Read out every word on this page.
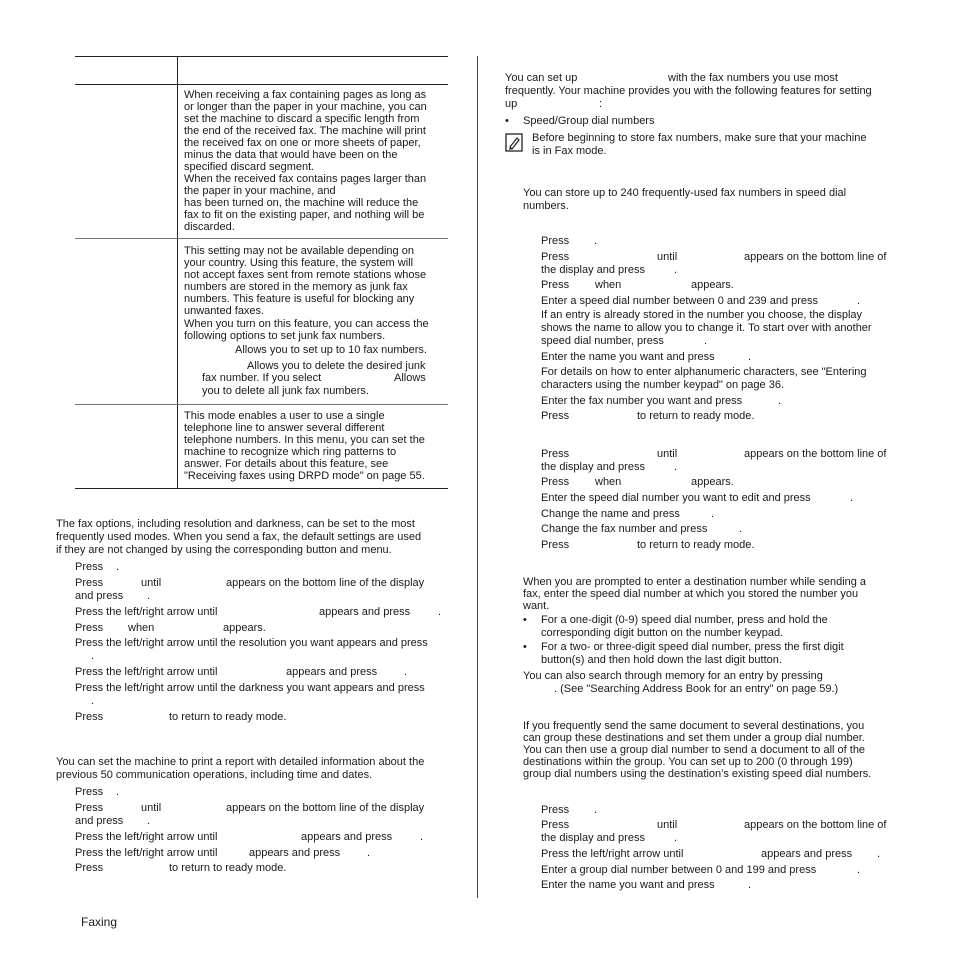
When receiving a fax containing pages as long as
or longer than the paper in your machine, you can
set the machine to discard a specific length from
the end of the received fax. The machine will print
the received fax on one or more sheets of paper,
minus the data that would have been on the
specified discard segment.
When the received fax contains pages larger than
the paper in your machine, and
has been turned on, the machine will reduce the
fax to fit on the existing paper, and nothing will be
discarded.
This setting may not be available depending on
your country. Using this feature, the system will
not accept faxes sent from remote stations whose
numbers are stored in the memory as junk fax
numbers. This feature is useful for blocking any
unwanted faxes.
When you turn on this feature, you can access the
following options to set junk fax numbers.
Allows you to set up to 10 fax numbers.
Allows you to delete the desired junk
fax number. If you select	Allows
you to delete all junk fax numbers.
This mode enables a user to use a single
telephone line to answer several different
telephone numbers. In this menu, you can set the
machine to recognize which ring patterns to
answer. For details about this feature, see
"Receiving faxes using DRPD mode" on page 55.
The fax options, including resolution and darkness, can be set to the most
frequently used modes. When you send a fax, the default settings are used
if they are not changed by using the corresponding button and menu.
Press .
Press	until	appears on the bottom line of the display
and press .
Press the left/right arrow until	appears and press	.
Press when	appears.
Press the left/right arrow until the resolution you want appears and press
.
Press the left/right arrow until	appears and press .
Press the left/right arrow until the darkness you want appears and press
.
Press	to return to ready mode.
You can set the machine to print a report with detailed information about the
previous 50 communication operations, including time and dates.
Press .
Press	until	appears on the bottom line of the display
and press .
Press the left/right arrow until	appears and press	.
Press the left/right arrow until	appears and press .
Press	to return to ready mode.
Faxing
You can set up	with the fax numbers you use most
frequently. Your machine provides you with the following features for setting
up	:
• Speed/Group dial numbers
Before beginning to store fax numbers, make sure that your machine
is in Fax mode.
You can store up to 240 frequently-used fax numbers in speed dial
numbers.
Press .
Press	until	appears on the bottom line of
the display and press	.
Press when	appears.
Enter a speed dial number between 0 and 239 and press	.
If an entry is already stored in the number you choose, the display
shows the name to allow you to change it. To start over with another
speed dial number, press	.
Enter the name you want and press	.
For details on how to enter alphanumeric characters, see "Entering
characters using the number keypad" on page 36.
Enter the fax number you want and press	.
Press	to return to ready mode.
Press	until	appears on the bottom line of
the display and press	.
Press when	appears.
Enter the speed dial number you want to edit and press	.
Change the name and press	.
Change the fax number and press	.
Press	to return to ready mode.
When you are prompted to enter a destination number while sending a
fax, enter the speed dial number at which you stored the number you
want.
• For a one-digit (0-9) speed dial number, press and hold the
corresponding digit button on the number keypad.
• For a two- or three-digit speed dial number, press the first digit
button(s) and then hold down the last digit button.
You can also search through memory for an entry by pressing
. (See "Searching Address Book for an entry" on page 59.)
If you frequently send the same document to several destinations, you
can group these destinations and set them under a group dial number.
You can then use a group dial number to send a document to all of the
destinations within the group. You can set up to 200 (0 through 199)
group dial numbers using the destination’s existing speed dial numbers.
Press .
Press	until	appears on the bottom line of
the display and press	.
Press the left/right arrow until	appears and press .
Enter a group dial number between 0 and 199 and press	.
Enter the name you want and press	.
